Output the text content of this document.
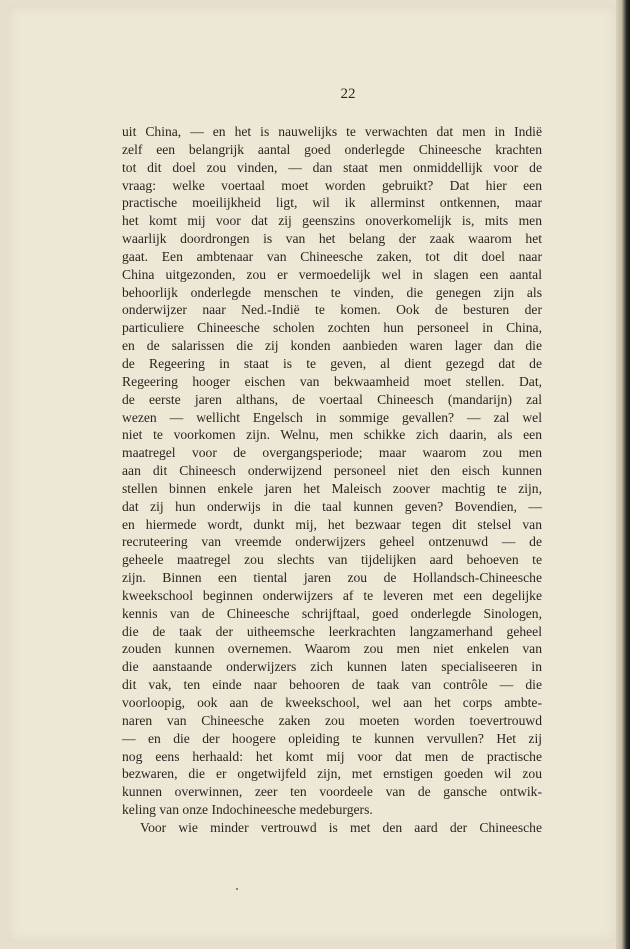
22
uit China, — en het is nauwelijks te verwachten dat men in Indië
zelf een belangrijk aantal goed onderlegde Chineesche krachten
tot dit doel zou vinden, — dan staat men onmiddellijk voor de
vraag: welke voertaal moet worden gebruikt? Dat hier een
practische moeilijkheid ligt, wil ik allerminst ontkennen, maar
het komt mij voor dat zij geenszins onoverkomelijk is, mits men
waarlijk doordrongen is van het belang der zaak waarom het
gaat. Een ambtenaar van Chineesche zaken, tot dit doel naar
China uitgezonden, zou er vermoedelijk wel in slagen een aantal
behoorlijk onderlegde menschen te vinden, die genegen zijn als
onderwijzer naar Ned.-Indië te komen. Ook de besturen der
particuliere Chineesche scholen zochten hun personeel in China,
en de salarissen die zij konden aanbieden waren lager dan die
de Regeering in staat is te geven, al dient gezegd dat de
Regeering hooger eischen van bekwaamheid moet stellen. Dat,
de eerste jaren althans, de voertaal Chineesch (mandarijn) zal
wezen — wellicht Engelsch in sommige gevallen? — zal wel
niet te voorkomen zijn. Welnu, men schikke zich daarin, als een
maatregel voor de overgangsperiode; maar waarom zou men
aan dit Chineesch onderwijzend personeel niet den eisch kunnen
stellen binnen enkele jaren het Maleisch zoover machtig te zijn,
dat zij hun onderwijs in die taal kunnen geven? Bovendien, —
en hiermede wordt, dunkt mij, het bezwaar tegen dit stelsel van
recruteering van vreemde onderwijzers geheel ontzenuwd — de
geheele maatregel zou slechts van tijdelijken aard behoeven te
zijn. Binnen een tiental jaren zou de Hollandsch-Chineesche
kweekschool beginnen onderwijzers af te leveren met een degelijke
kennis van de Chineesche schrijftaal, goed onderlegde Sinologen,
die de taak der uitheemsche leerkrachten langzamerhand geheel
zouden kunnen overnemen. Waarom zou men niet enkelen van
die aanstaande onderwijzers zich kunnen laten specialiseeren in
dit vak, ten einde naar behooren de taak van contrôle — die
voorloopig, ook aan de kweekschool, wel aan het corps ambte-
naren van Chineesche zaken zou moeten worden toevertrouwd
— en die der hoogere opleiding te kunnen vervullen? Het zij
nog eens herhaald: het komt mij voor dat men de practische
bezwaren, die er ongetwijfeld zijn, met ernstigen goeden wil zou
kunnen overwinnen, zeer ten voordeele van de gansche ontwik-
keling van onze Indochineesche medeburgers.
Voor wie minder vertrouwd is met den aard der Chineesche
